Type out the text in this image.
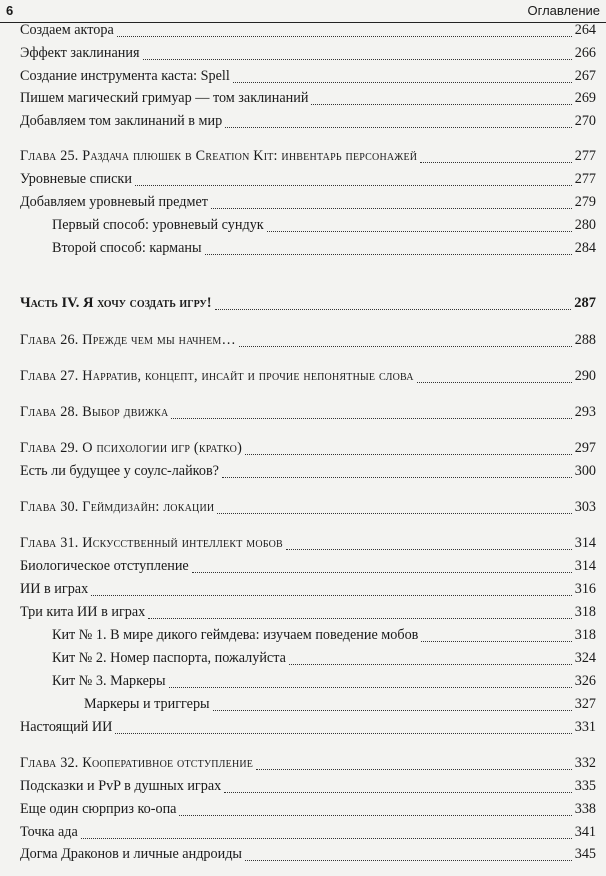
6	Оглавление
Создаем актора	264
Эффект заклинания	266
Создание инструмента каста: Spell	267
Пишем магический гримуар — том заклинаний	269
Добавляем том заклинаний в мир	270
Глава 25. Раздача плюшек в Creation Kit: инвентарь персонажей	277
Уровневые списки	277
Добавляем уровневый предмет	279
Первый способ: уровневый сундук	280
Второй способ: карманы	284
Часть IV. Я хочу создать игру!	287
Глава 26. Прежде чем мы начнем…	288
Глава 27. Нарратив, концепт, инсайт и прочие непонятные слова	290
Глава 28. Выбор движка	293
Глава 29. О психологии игр (кратко)	297
Есть ли будущее у соулс-лайков?	300
Глава 30. Геймдизайн: локации	303
Глава 31. Искусственный интеллект мобов	314
Биологическое отступление	314
ИИ в играх	316
Три кита ИИ в играх	318
Кит № 1. В мире дикого геймдева: изучаем поведение мобов	318
Кит № 2. Номер паспорта, пожалуйста	324
Кит № 3. Маркеры	326
Маркеры и триггеры	327
Настоящий ИИ	331
Глава 32. Кооперативное отступление	332
Подсказки и PvP в душных играх	335
Еще один сюрприз ко-опа	338
Точка ада	341
Догма Драконов и личные андроиды	345
